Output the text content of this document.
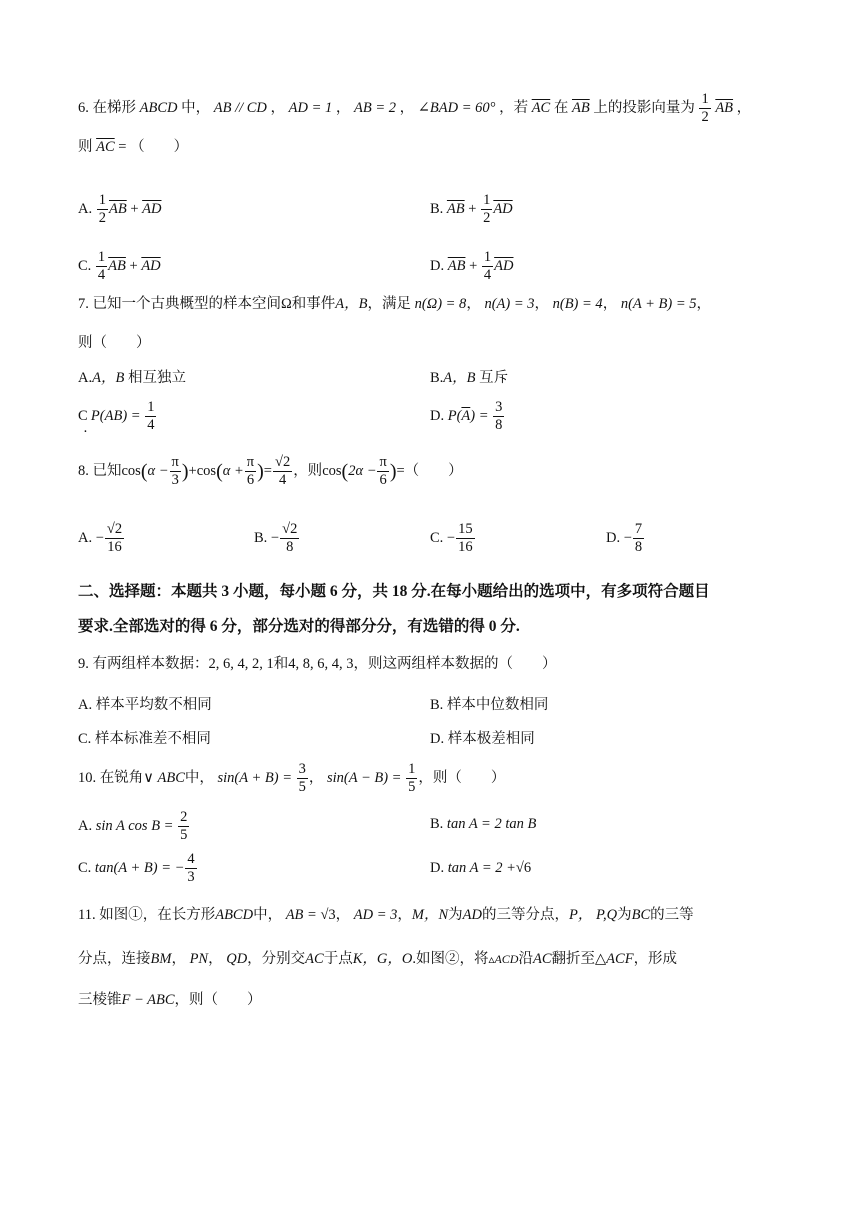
6. 在梯形 ABCD 中， AB // CD ， AD = 1 ， AB = 2 ， ∠BAD = 60° ，若 $\overline{AC}$ 在 $\overline{AB}$ 上的投影向量为 $\frac{1}{2} \overline{AB}$ ，
则 $\overline{AC}$ = （　　）
A. $\frac{1}{2} \overline{AB} + \overline{AD}$	B. $\overline{AB} + \frac{1}{2} \overline{AD}$
C. $\frac{1}{4} \overline{AB} + \overline{AD}$	D. $\overline{AB} + \frac{1}{4} \overline{AD}$
7. 已知一个古典概型的样本空间Ω和事件A，B，满足 n(Ω) = 8， n(A) = 3， n(B) = 4， n(A + B) = 5，
则（　　）
A.A，B 相互独立	B.A，B 互斥
C. $P(AB) = \frac{1}{4}$	D. $P(\overline{A}) = \frac{3}{8}$
8. 已知$\cos(\alpha - \frac{\pi}{3} )+\cos(\alpha + \frac{\pi}{6}$ )= $\frac{√2}{4}$ ，则$\cos(2\alpha - \frac{\pi}{6}$ )=（　　）
A. − $\frac{√2}{16}$	B. − $\frac{√2}{8}$	C. − $\frac{15}{16}$	D. − $\frac{7}{8}$
二、选择题：本题共 3 小题，每小题 6 分，共 18 分.在每小题给出的选项中，有多项符合题目
要求.全部选对的得 6 分，部分选对的得部分分，有选错的得 0 分.
9. 有两组样本数据：2, 6, 4, 2, 1和4, 8, 6, 4, 3，则这两组样本数据的（　　）
A. 样本平均数不相同	B. 样本中位数相同
C. 样本标准差不相同	D. 样本极差相同
10. 在锐角∨ ABC中， $\sin(A + B) = \frac{3}{5}$ ， $\sin(A - B) = \frac{1}{5}$ ，则（　　）
A. sin A $\cos B = \frac{2}{5}$	B. tan A = 2 tan B
C. tan(A + B) = − $\frac{4}{3}$	D. tan A = 2 +√6
11. 如图①，在长方形ABCD中， AB = √3， AD = 3，M，N为AD的三等分点，P， P,Q为BC的三等
分点，连接BM， PN， QD，分别交AC于点K，G，O.如图②，将▵ACD沿AC翻折至△ACF，形成
三棱锥F − ABC，则（　　）
